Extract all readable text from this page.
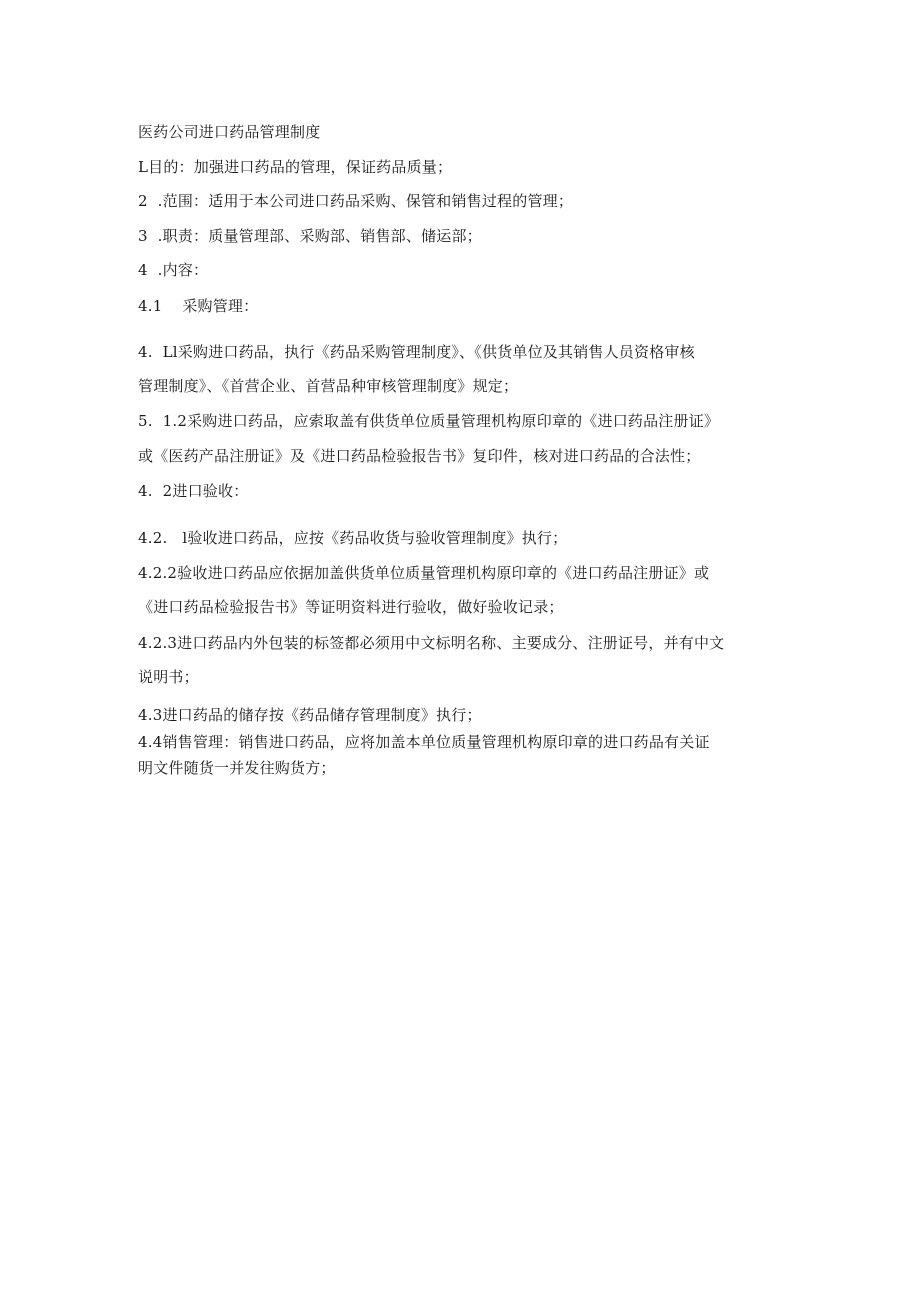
医药公司进口药品管理制度
L目的：加强进口药品的管理，保证药品质量；
2  .范围：适用于本公司进口药品采购、保管和销售过程的管理；
3  .职责：质量管理部、采购部、销售部、储运部；
4  .内容：
4.1    采购管理：
4.  Ll采购进口药品，执行《药品采购管理制度》、《供货单位及其销售人员资格审核
管理制度》、《首营企业、首营品种审核管理制度》规定；
5.  1.2采购进口药品，应索取盖有供货单位质量管理机构原印章的《进口药品注册证》
或《医药产品注册证》及《进口药品检验报告书》复印件，核对进口药品的合法性；
4.  2进口验收：
4.2.   l验收进口药品，应按《药品收货与验收管理制度》执行；
4.2.2验收进口药品应依据加盖供货单位质量管理机构原印章的《进口药品注册证》或
《进口药品检验报告书》等证明资料进行验收，做好验收记录；
4.2.3进口药品内外包装的标签都必须用中文标明名称、主要成分、注册证号，并有中文
说明书；
4.3进口药品的储存按《药品储存管理制度》执行；
4.4销售管理：销售进口药品，应将加盖本单位质量管理机构原印章的进口药品有关证
明文件随货一并发往购货方；
